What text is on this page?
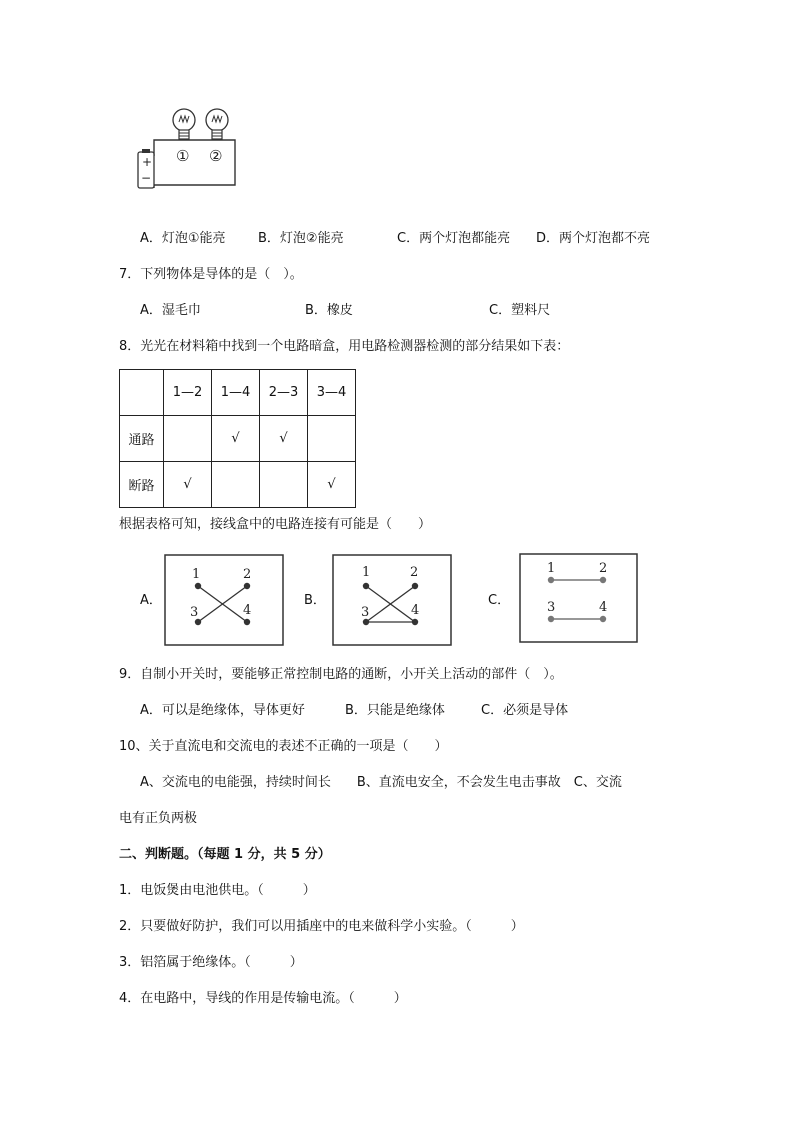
+
−
① ②
A．灯泡①能亮 B．灯泡②能亮	C．两个灯泡都能亮 D．两个灯泡都不亮
7．下列物体是导体的是（　）。
A．湿毛巾	B．橡皮	C．塑料尺
8．光光在材料箱中找到一个电路暗盒，用电路检测器检测的部分结果如下表：
	1—2	1—4	2—3	3—4
通路		√	√	
断路	√			√
根据表格可知，接线盒中的电路连接有可能是（　　）
A．
1	2
3	4
B．
1	2
3	4
C．
1	2
3	4
9．自制小开关时，要能够正常控制电路的通断，小开关上活动的部件（　）。
A．可以是绝缘体，导体更好	B．只能是绝缘体	C．必须是导体
10、关于直流电和交流电的表述不正确的一项是（　　）
A、交流电的电能强，持续时间长　　B、直流电安全，不会发生电击事故　C、交流
电有正负两极
二、判断题。（每题 1 分，共 5 分）
1．电饭煲由电池供电。（　　　）
2．只要做好防护，我们可以用插座中的电来做科学小实验。（　　　）
3．铝箔属于绝缘体。（　　　）
4．在电路中，导线的作用是传输电流。（　　　）
